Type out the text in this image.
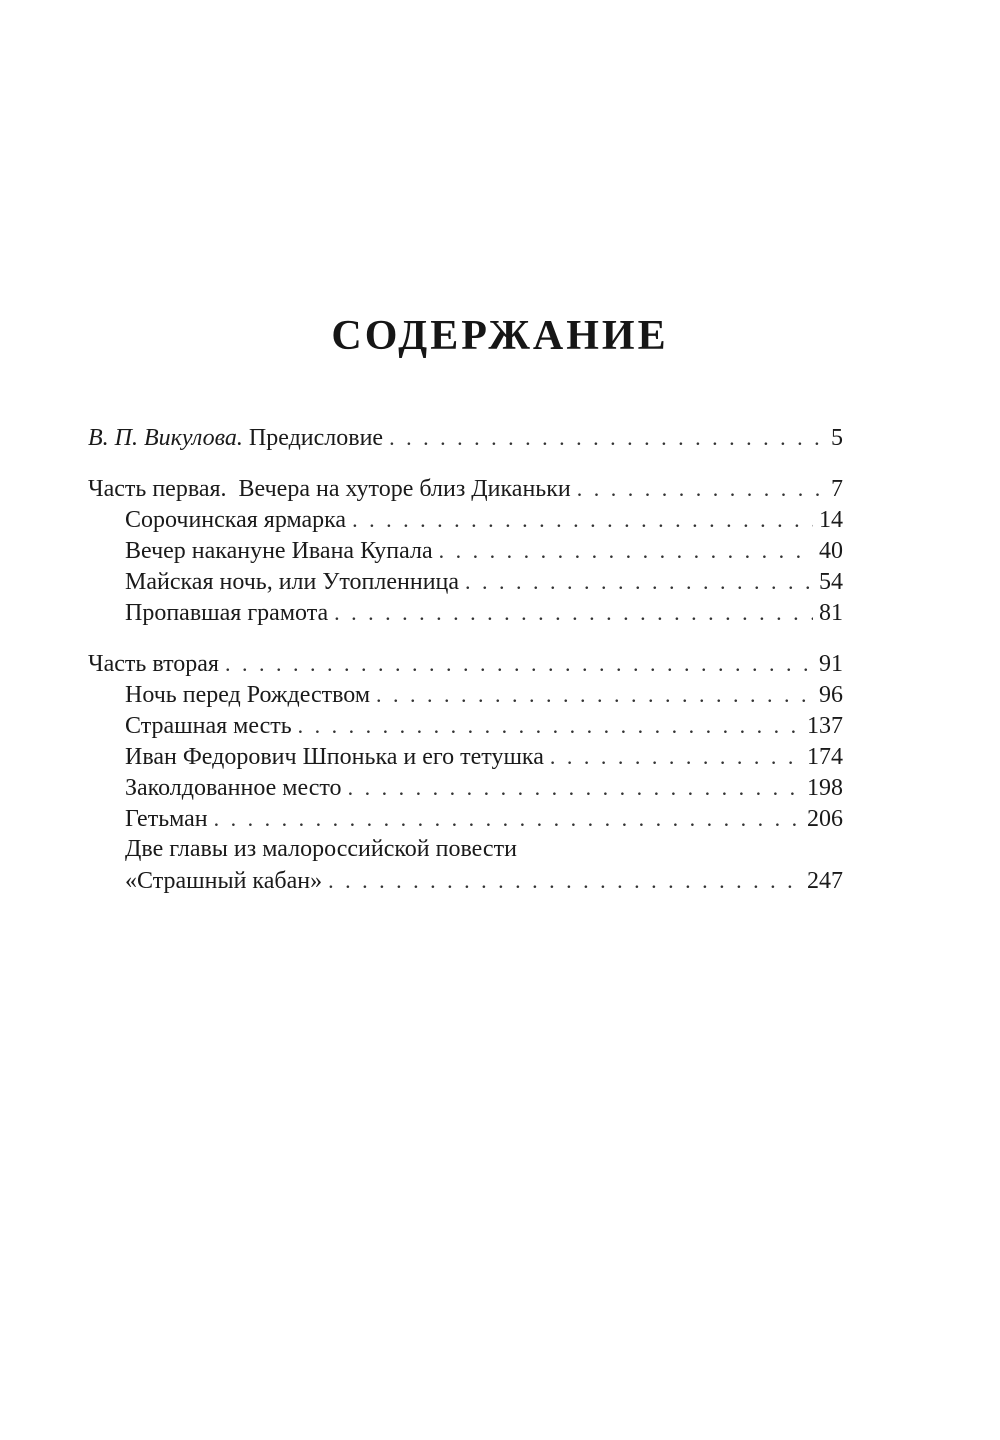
СОДЕРЖАНИЕ
В. П. Викулова. Предисловие . . .	5
Часть первая.  Вечера на хуторе близ Диканьки . . .	7
Сорочинская ярмарка . . .	14
Вечер накануне Ивана Купала . . .	40
Майская ночь, или Утопленница . . .	54
Пропавшая грамота . . .	81
Часть вторая . . .	91
Ночь перед Рождеством . . .	96
Страшная месть . . .	137
Иван Федорович Шпонька и его тетушка . . .	174
Заколдованное место . . .	198
Гетьман . . .	206
Две главы из малороссийской повести
«Страшный кабан» . . .	247
